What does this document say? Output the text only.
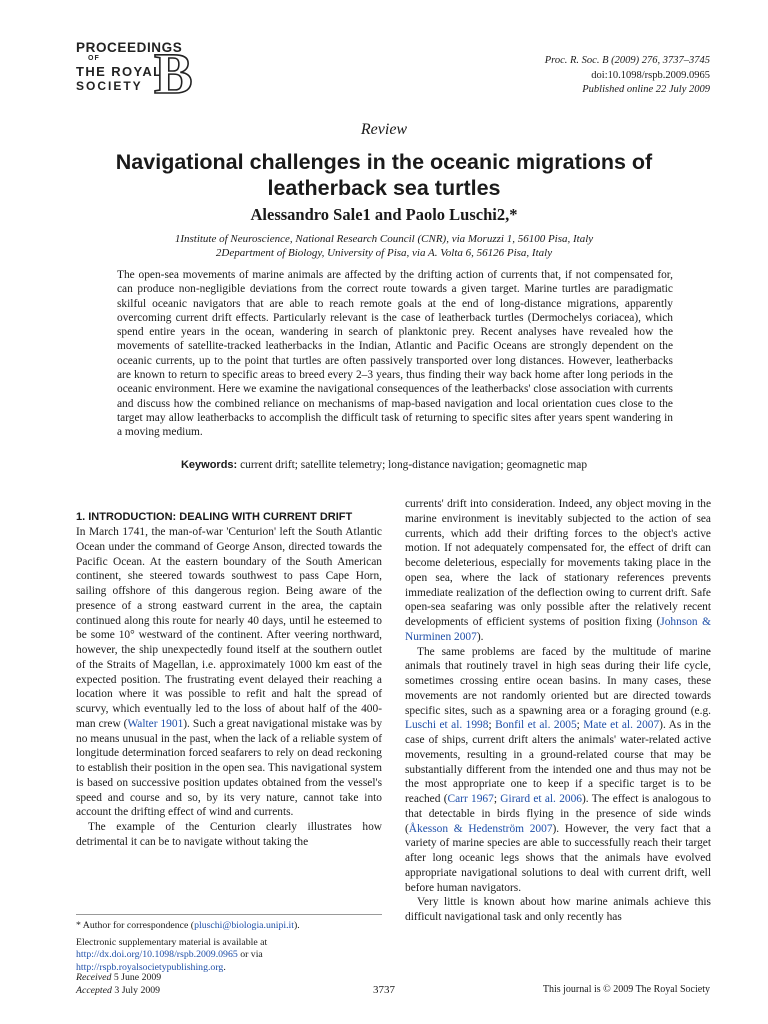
PROCEEDINGS
OF
THE ROYAL
SOCIETY B	Proc. R. Soc. B (2009) 276, 3737–3745
doi:10.1098/rspb.2009.0965
Published online 22 July 2009
Review
Navigational challenges in the oceanic migrations of leatherback sea turtles
Alessandro Sale1 and Paolo Luschi2,*
1Institute of Neuroscience, National Research Council (CNR), via Moruzzi 1, 56100 Pisa, Italy
2Department of Biology, University of Pisa, via A. Volta 6, 56126 Pisa, Italy
The open-sea movements of marine animals are affected by the drifting action of currents that, if not compensated for, can produce non-negligible deviations from the correct route towards a given target. Marine turtles are paradigmatic skilful oceanic navigators that are able to reach remote goals at the end of long-distance migrations, apparently overcoming current drift effects. Particularly relevant is the case of leatherback turtles (Dermochelys coriacea), which spend entire years in the ocean, wandering in search of planktonic prey. Recent analyses have revealed how the movements of satellite-tracked leatherbacks in the Indian, Atlantic and Pacific Oceans are strongly dependent on the oceanic currents, up to the point that turtles are often passively transported over long distances. However, leatherbacks are known to return to specific areas to breed every 2–3 years, thus finding their way back home after long periods in the oceanic environment. Here we examine the navigational consequences of the leatherbacks' close association with currents and discuss how the combined reliance on mechanisms of map-based navigation and local orientation cues close to the target may allow leatherbacks to accomplish the difficult task of returning to specific sites after years spent wandering in a moving medium.
Keywords: current drift; satellite telemetry; long-distance navigation; geomagnetic map
1. INTRODUCTION: DEALING WITH CURRENT DRIFT

In March 1741, the man-of-war 'Centurion' left the South Atlantic Ocean under the command of George Anson, directed towards the Pacific Ocean. At the eastern boundary of the South American continent, she steered towards southwest to pass Cape Horn, sailing offshore of this dangerous region. Being aware of the presence of a strong eastward current in the area, the captain continued along this route for nearly 40 days, until he esteemed to be some 10° westward of the continent. After veering northward, however, the ship unexpectedly found itself at the southern outlet of the Straits of Magellan, i.e. approximately 1000 km east of the expected position. The frustrating event delayed their reaching a location where it was possible to refit and halt the spread of scurvy, which eventually led to the loss of about half of the 400-man crew (Walter 1901). Such a great navigational mistake was by no means unusual in the past, when the lack of a reliable system of longitude determination forced seafarers to rely on dead reckoning to establish their position in the open sea. This navigational system is based on successive position updates obtained from the vessel's speed and course and so, by its very nature, cannot take into account the drifting effect of wind and currents.

The example of the Centurion clearly illustrates how detrimental it can be to navigate without taking the

currents' drift into consideration. Indeed, any object moving in the marine environment is inevitably subjected to the action of sea currents, which add their drifting forces to the object's active motion. If not adequately compensated for, the effect of drift can become deleterious, especially for movements taking place in the open sea, where the lack of stationary references prevents immediate realization of the deflection owing to current drift. Safe open-sea seafaring was only possible after the relatively recent developments of efficient systems of position fixing (Johnson & Nurminen 2007).

The same problems are faced by the multitude of marine animals that routinely travel in high seas during their life cycle, sometimes crossing entire ocean basins. In many cases, these movements are not randomly oriented but are directed towards specific sites, such as a spawning area or a foraging ground (e.g. Luschi et al. 1998; Bonfil et al. 2005; Mate et al. 2007). As in the case of ships, current drift alters the animals' water-related active movements, resulting in a ground-related course that may be substantially different from the intended one and thus may not be the most appropriate one to keep if a specific target is to be reached (Carr 1967; Girard et al. 2006). The effect is analogous to that detectable in birds flying in the presence of side winds (Åkesson & Hedenström 2007). However, the very fact that a variety of marine species are able to successfully reach their target after long oceanic legs shows that the animals have evolved appropriate navigational solutions to deal with current drift, well before human navigators.

Very little is known about how marine animals achieve this difficult navigational task and only recently has

* Author for correspondence (pluschi@biologia.unipi.it).

Electronic supplementary material is available at http://dx.doi.org/10.1098/rspb.2009.0965 or via http://rspb.royalsocietypublishing.org.

Received 5 June 2009
Accepted 3 July 2009	3737	This journal is © 2009 The Royal Society
